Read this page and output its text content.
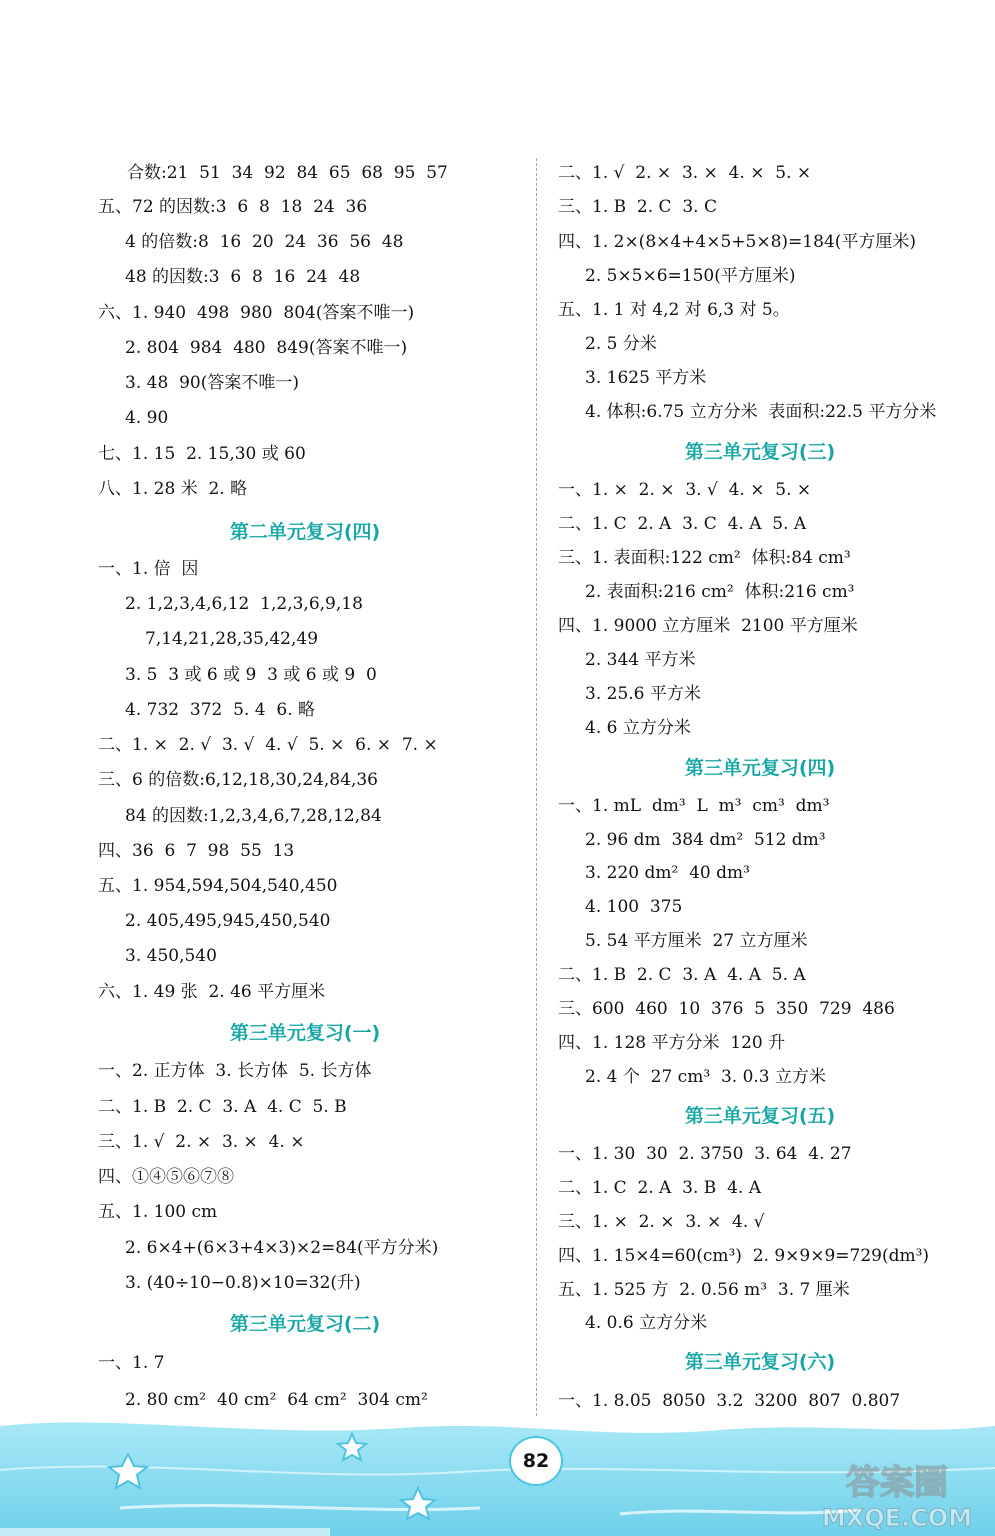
合数:21  51  34  92  84  65  68  95  57
五、72 的因数:3  6  8  18  24  36
4 的倍数:8  16  20  24  36  56  48
48 的因数:3  6  8  16  24  48
六、1. 940  498  980  804(答案不唯一)
2. 804  984  480  849(答案不唯一)
3. 48  90(答案不唯一)
4. 90
七、1. 15  2. 15,30 或 60
八、1. 28 米  2. 略
第二单元复习(四)
一、1. 倍  因
2. 1,2,3,4,6,12  1,2,3,6,9,18
7,14,21,28,35,42,49
3. 5  3 或 6 或 9  3 或 6 或 9  0
4. 732  372  5. 4  6. 略
二、1. ×  2. √  3. √  4. √  5. ×  6. ×  7. ×
三、6 的倍数:6,12,18,30,24,84,36
84 的因数:1,2,3,4,6,7,28,12,84
四、36  6  7  98  55  13
五、1. 954,594,504,540,450
2. 405,495,945,450,540
3. 450,540
六、1. 49 张  2. 46 平方厘米
第三单元复习(一)
一、2. 正方体  3. 长方体  5. 长方体
二、1. B  2. C  3. A  4. C  5. B
三、1. √  2. ×  3. ×  4. ×
四、①④⑤⑥⑦⑧
五、1. 100 cm
2. 6×4+(6×3+4×3)×2=84(平方分米)
3. (40÷10−0.8)×10=32(升)
第三单元复习(二)
一、1. 7
2. 80 cm²  40 cm²  64 cm²  304 cm²
二、1. √  2. ×  3. ×  4. ×  5. ×
三、1. B  2. C  3. C
四、1. 2×(8×4+4×5+5×8)=184(平方厘米)
2. 5×5×6=150(平方厘米)
五、1. 1 对 4,2 对 6,3 对 5。
2. 5 分米
3. 1625 平方米
4. 体积:6.75 立方分米  表面积:22.5 平方分米
第三单元复习(三)
一、1. ×  2. ×  3. √  4. ×  5. ×
二、1. C  2. A  3. C  4. A  5. A
三、1. 表面积:122 cm²  体积:84 cm³
2. 表面积:216 cm²  体积:216 cm³
四、1. 9000 立方厘米  2100 平方厘米
2. 344 平方米
3. 25.6 平方米
4. 6 立方分米
第三单元复习(四)
一、1. mL  dm³  L  m³  cm³  dm³
2. 96 dm  384 dm²  512 dm³
3. 220 dm²  40 dm³
4. 100  375
5. 54 平方厘米  27 立方厘米
二、1. B  2. C  3. A  4. A  5. A
三、600  460  10  376  5  350  729  486
四、1. 128 平方分米  120 升
2. 4 个  27 cm³  3. 0.3 立方米
第三单元复习(五)
一、1. 30  30  2. 3750  3. 64  4. 27
二、1. C  2. A  3. B  4. A
三、1. ×  2. ×  3. ×  4. √
四、1. 15×4=60(cm³)  2. 9×9×9=729(dm³)
五、1. 525 方  2. 0.56 m³  3. 7 厘米
4. 0.6 立方分米
第三单元复习(六)
一、1. 8.05  8050  3.2  3200  807  0.807
82
答案圈
MXQE.COM
